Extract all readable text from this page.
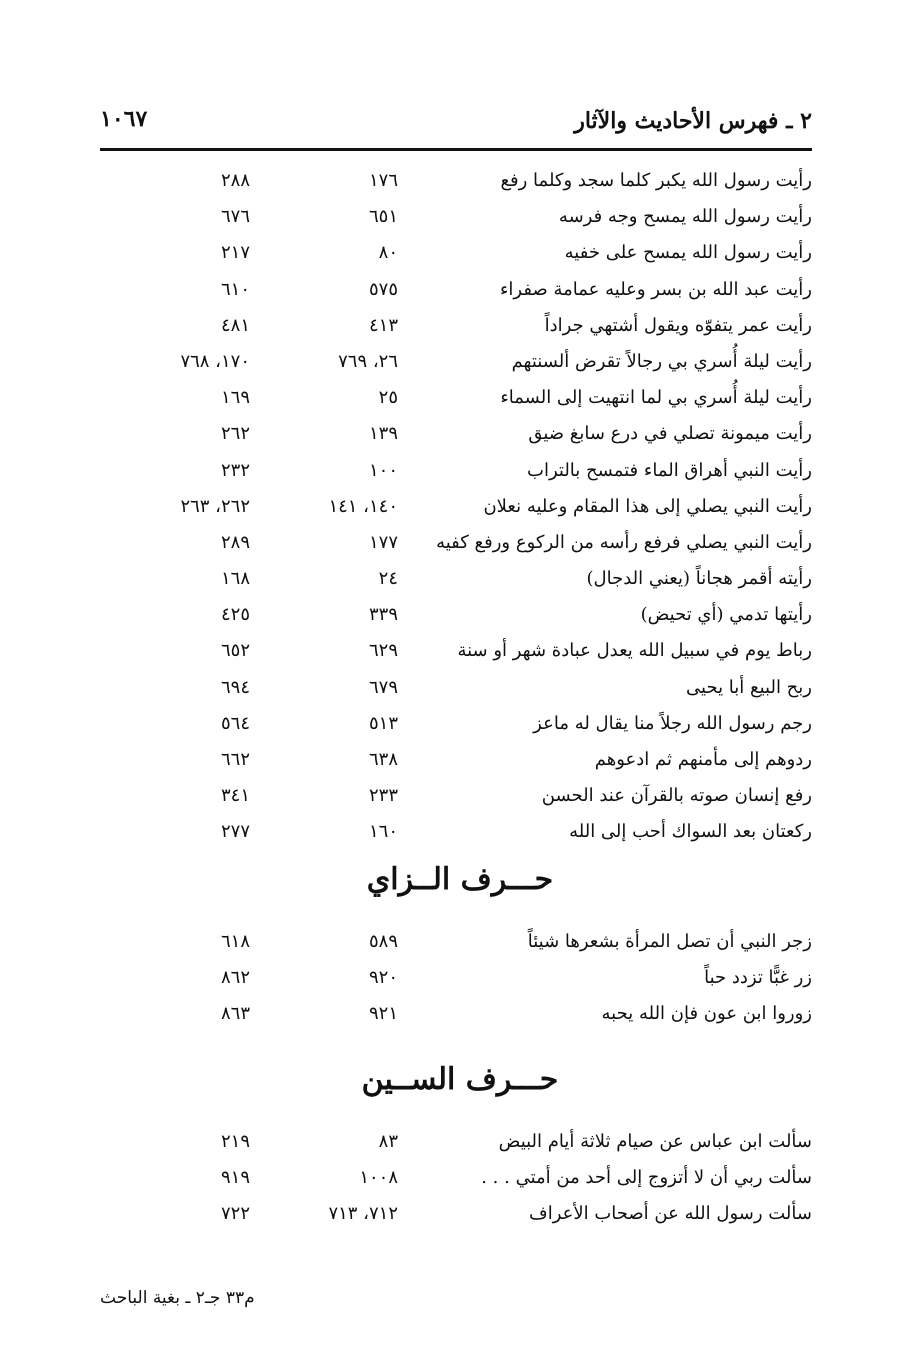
٢ ـ فهرس الأحاديث والآثار
١٠٦٧
رأيت رسول الله يكبر كلما سجد وكلما رفع
١٧٦
٢٨٨
رأيت رسول الله يمسح وجه فرسه
٦٥١
٦٧٦
رأيت رسول الله يمسح على خفيه
٨٠
٢١٧
رأيت عبد الله بن بسر وعليه عمامة صفراء
٥٧٥
٦١٠
رأيت عمر يتفوّه ويقول أشتهي جراداً
٤١٣
٤٨١
رأيت ليلة أُسري بي رجالاً تقرض ألسنتهم
٢٦، ٧٦٩
١٧٠، ٧٦٨
رأيت ليلة أُسري بي لما انتهيت إلى السماء
٢٥
١٦٩
رأيت ميمونة تصلي في درع سابغ ضيق
١٣٩
٢٦٢
رأيت النبي أهراق الماء فتمسح بالتراب
١٠٠
٢٣٢
رأيت النبي يصلي إلى هذا المقام وعليه نعلان
١٤٠، ١٤١
٢٦٢، ٢٦٣
رأيت النبي يصلي فرفع رأسه من الركوع ورفع كفيه
١٧٧
٢٨٩
رأيته أقمر هجاناً (يعني الدجال)
٢٤
١٦٨
رأيتها تدمي (أي تحيض)
٣٣٩
٤٢٥
رباط يوم في سبيل الله يعدل عبادة شهر أو سنة
٦٢٩
٦٥٢
ربح البيع أبا يحيى
٦٧٩
٦٩٤
رجم رسول الله رجلاً منا يقال له ماعز
٥١٣
٥٦٤
ردوهم إلى مأمنهم ثم ادعوهم
٦٣٨
٦٦٢
رفع إنسان صوته بالقرآن عند الحسن
٢٣٣
٣٤١
ركعتان بعد السواك أحب إلى الله
١٦٠
٢٧٧
حـــرف الــزاي
زجر النبي أن تصل المرأة بشعرها شيئاً
٥٨٩
٦١٨
زر غبًّا تزدد حباً
٩٢٠
٨٦٢
زوروا ابن عون فإن الله يحبه
٩٢١
٨٦٣
حـــرف الســين
سألت ابن عباس عن صيام ثلاثة أيام البيض
٨٣
٢١٩
سألت ربي أن لا أتزوج إلى أحد من أمتي . . .
١٠٠٨
٩١٩
سألت رسول الله عن أصحاب الأعراف
٧١٢، ٧١٣
٧٢٢
م٣٣ جـ٢ ـ بغية الباحث
